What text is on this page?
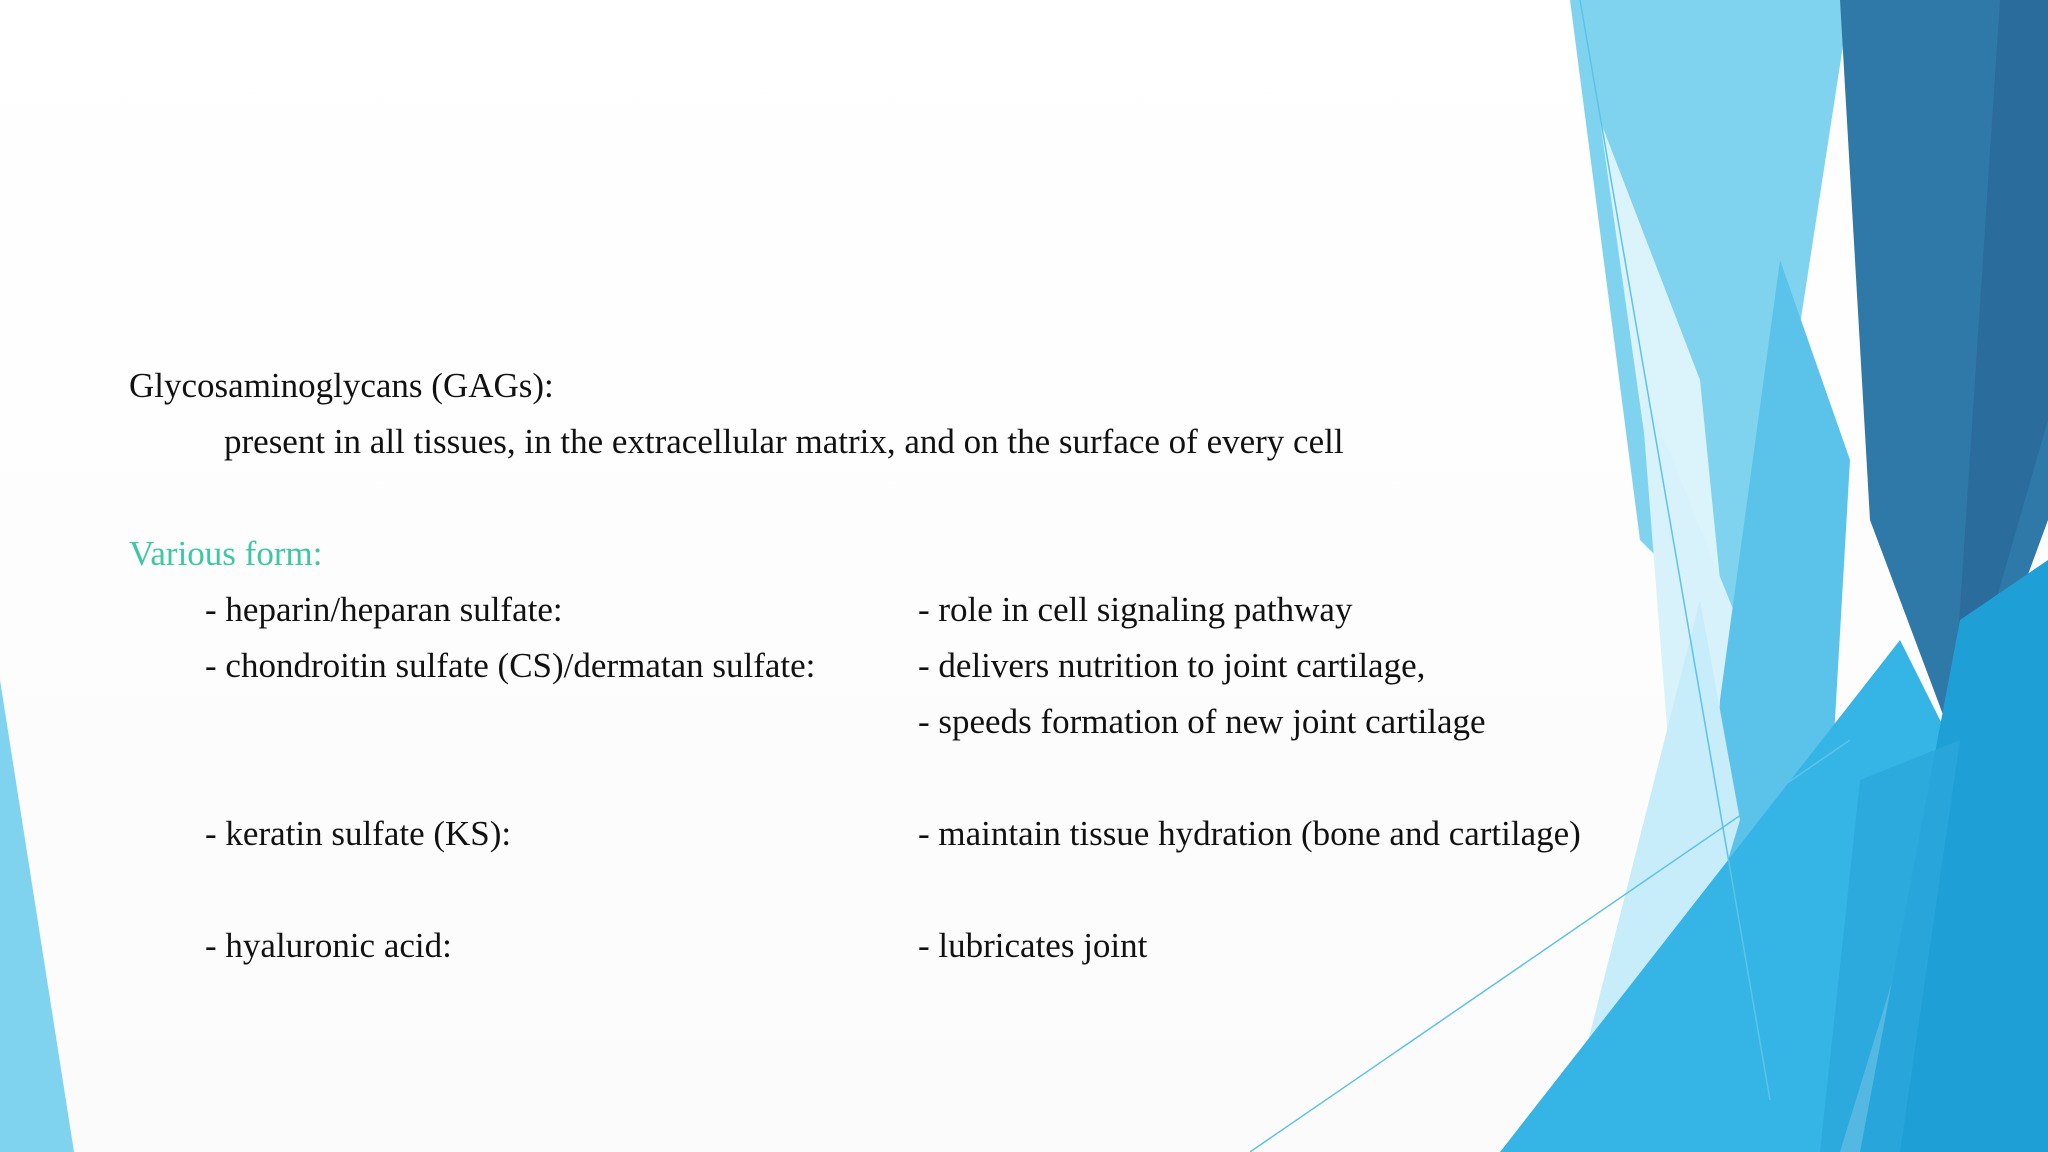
Glycosaminoglycans (GAGs):
present in all tissues, in the extracellular matrix, and on the surface of every cell
Various form:
- heparin/heparan sulfate:	- role in cell signaling pathway
- chondroitin sulfate (CS)/dermatan sulfate:	- delivers nutrition to joint cartilage,
- speeds formation of new joint cartilage
- keratin sulfate (KS):	- maintain tissue hydration (bone and cartilage)
- hyaluronic acid:	- lubricates joint
